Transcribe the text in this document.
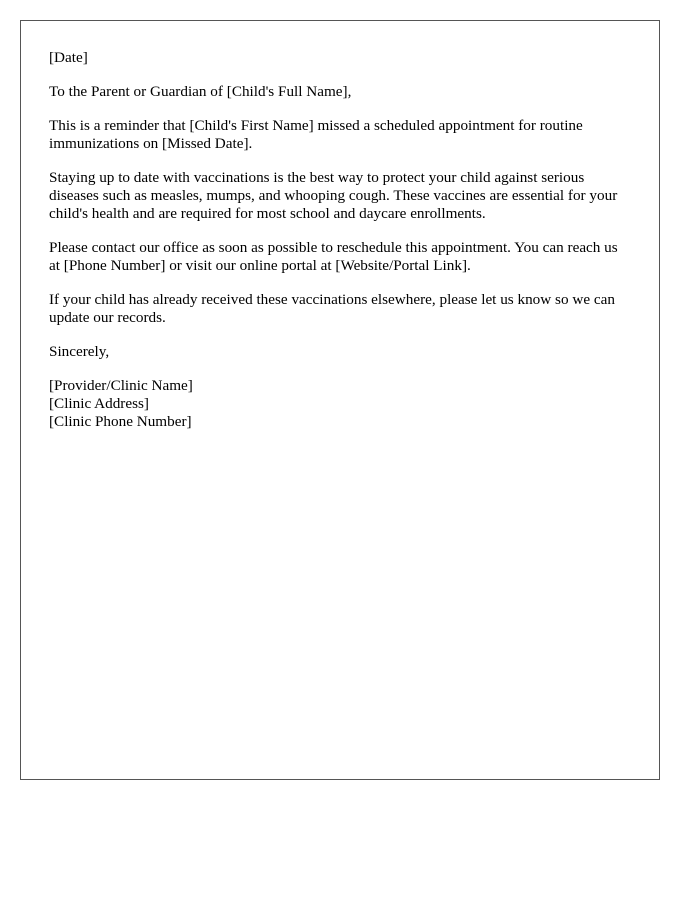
[Date]

To the Parent or Guardian of [Child's Full Name],

This is a reminder that [Child's First Name] missed a scheduled appointment for routine immunizations on [Missed Date].

Staying up to date with vaccinations is the best way to protect your child against serious diseases such as measles, mumps, and whooping cough. These vaccines are essential for your child's health and are required for most school and daycare enrollments.

Please contact our office as soon as possible to reschedule this appointment. You can reach us at [Phone Number] or visit our online portal at [Website/Portal Link].

If your child has already received these vaccinations elsewhere, please let us know so we can update our records.

Sincerely,

[Provider/Clinic Name]
[Clinic Address]
[Clinic Phone Number]
